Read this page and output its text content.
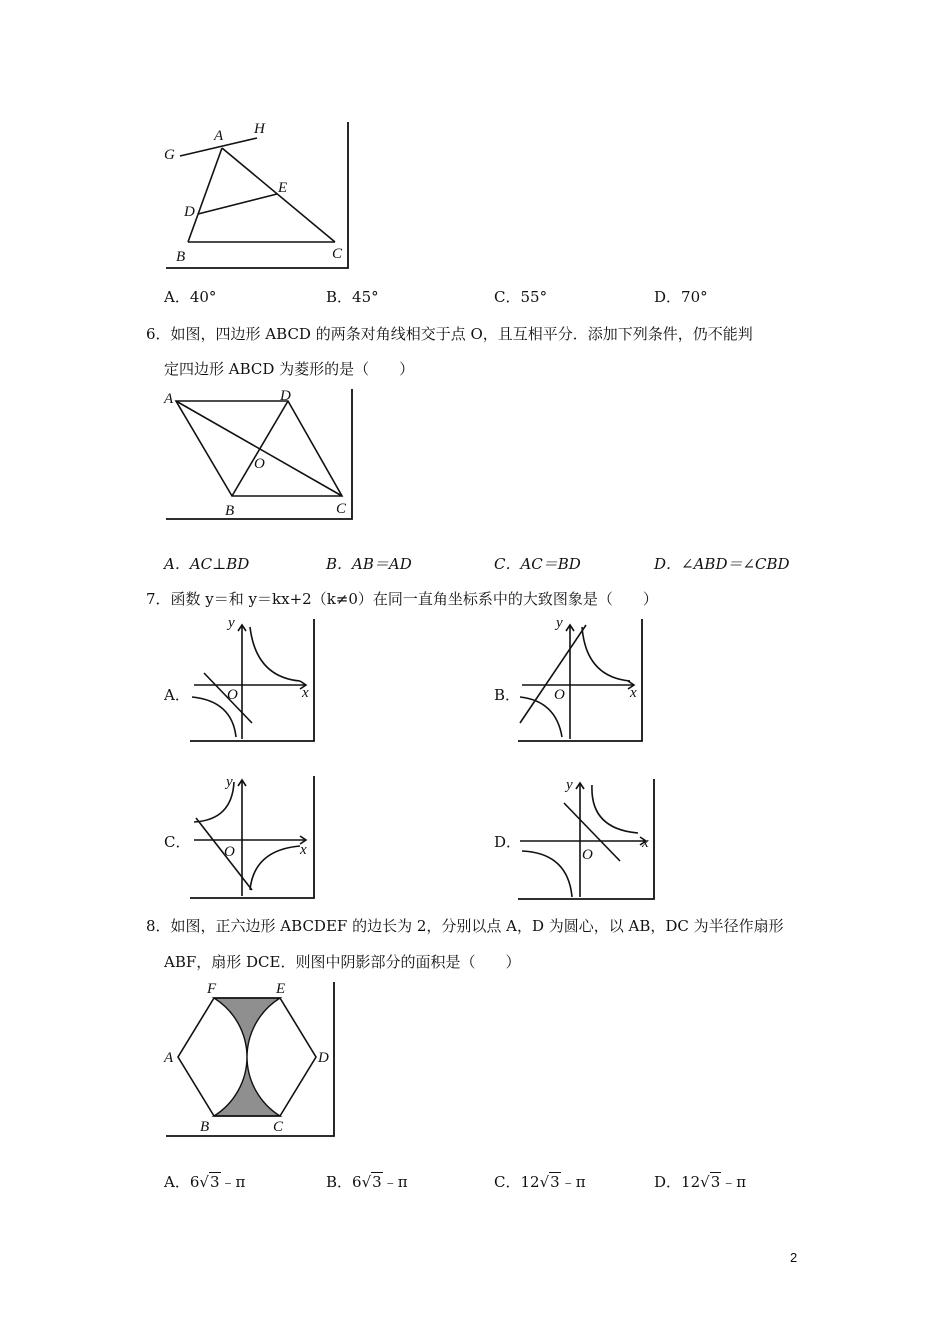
G
A H
E
D
B	C
A．40°	B．45°	C．55°	D．70°
6．如图，四边形 ABCD 的两条对角线相交于点 O，且互相平分．添加下列条件，仍不能判
定四边形 ABCD 为菱形的是（　　）
A	D
O
B	C
A．AC⊥BD	B．AB＝AD	C．AC＝BD	D．∠ABD＝∠CBD
7．函数 y＝和 y＝kx+2（k≠0）在同一直角坐标系中的大致图象是（　　）
A．	x
y
O	B．	x
y
O
C．	x
y
O
D．	x
y
O
8．如图，正六边形 ABCDEF 的边长为 2，分别以点 A，D 为圆心，以 AB，DC 为半径作扇形
ABF，扇形 DCE．则图中阴影部分的面积是（　　）
F	E
A	D
B	C
A．6√3﹣π	B．6√3﹣π	C．12√3﹣π	D．12√3﹣π
2
